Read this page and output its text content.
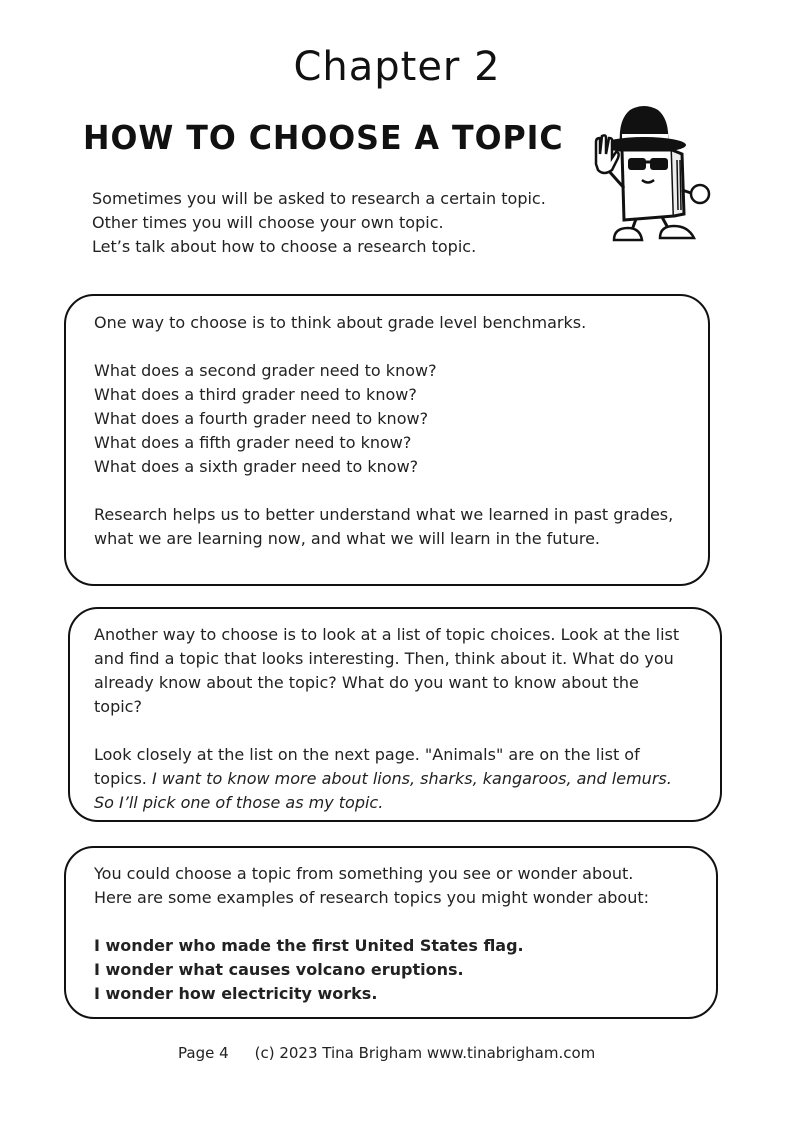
Chapter 2
HOW TO CHOOSE A TOPIC
Sometimes you will be asked to research a certain topic.
Other times you will choose your own topic.
Let’s talk about how to choose a research topic.
One way to choose is to think about grade level benchmarks.
What does a second grader need to know?
What does a third grader need to know?
What does a fourth grader need to know?
What does a fifth grader need to know?
What does a sixth grader need to know?
Research helps us to better understand what we learned in past grades,
what we are learning now, and what we will learn in the future.
Another way to choose is to look at a list of topic choices. Look at the list
and find a topic that looks interesting. Then, think about it. What do you
already know about the topic? What do you want to know about the
topic?
Look closely at the list on the next page. "Animals" are on the list of
topics. I want to know more about lions, sharks, kangaroos, and lemurs.
So I’ll pick one of those as my topic.
You could choose a topic from something you see or wonder about.
Here are some examples of research topics you might wonder about:
I wonder who made the first United States flag.
I wonder what causes volcano eruptions.
I wonder how electricity works.
Page 4 (c) 2023 Tina Brigham www.tinabrigham.com
